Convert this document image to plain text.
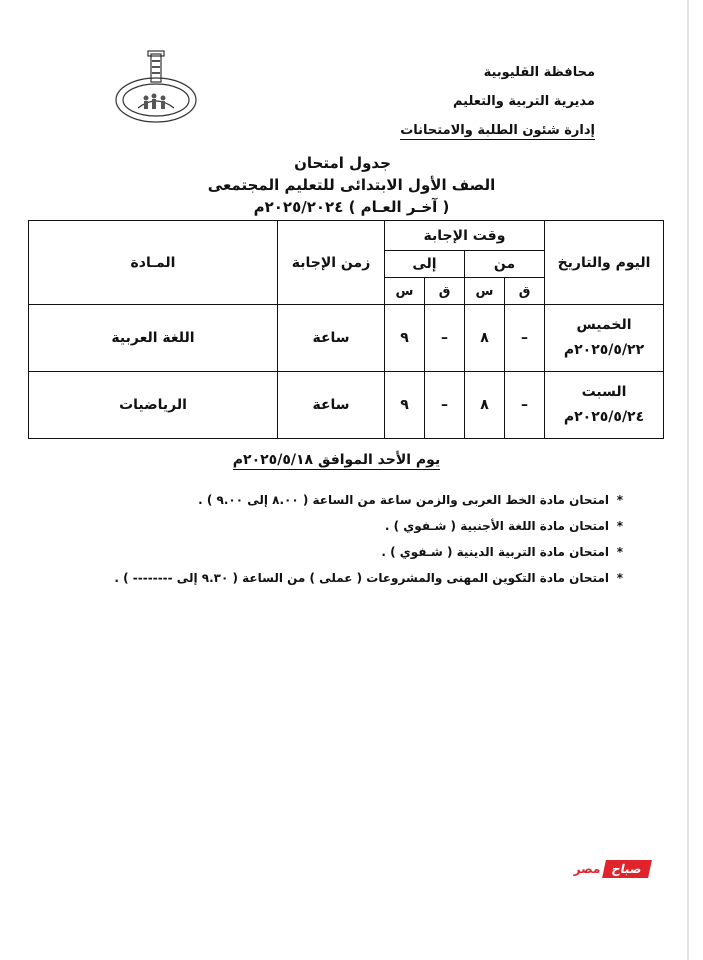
محافظة القليوبية
مديرية التربية والتعليم
إدارة شئون الطلبة والامتحانات
جدول امتحان
الصف الأول الابتدائى للتعليم المجتمعى
( آخـر العـام ) ٢٠٢٥/٢٠٢٤م
اليوم والتاريخ	وقت الإجابة				زمن الإجابة	المـادة
	من		إلى			
	ق	س	ق	س		

الخميس
٢٠٢٥/٥/٢٢م	–	٨	–	٩	ساعة	اللغة العربية

السبت
٢٠٢٥/٥/٢٤م	–	٨	–	٩	ساعة	الرياضيات
يوم الأحد الموافق ٢٠٢٥/٥/١٨م
*امتحان مادة الخط العربى والزمن ساعة من الساعة ( ٨.٠٠ إلى ٩.٠٠ ) .
*امتحان مادة اللغة الأجنبية ( شـفوي ) .
*امتحان مادة التربية الدينية ( شـفوي ) .
*امتحان مادة التكوين المهنى والمشروعات ( عملى ) من الساعة ( ٩.٣٠ إلى -------- ) .
صباح
مصر
